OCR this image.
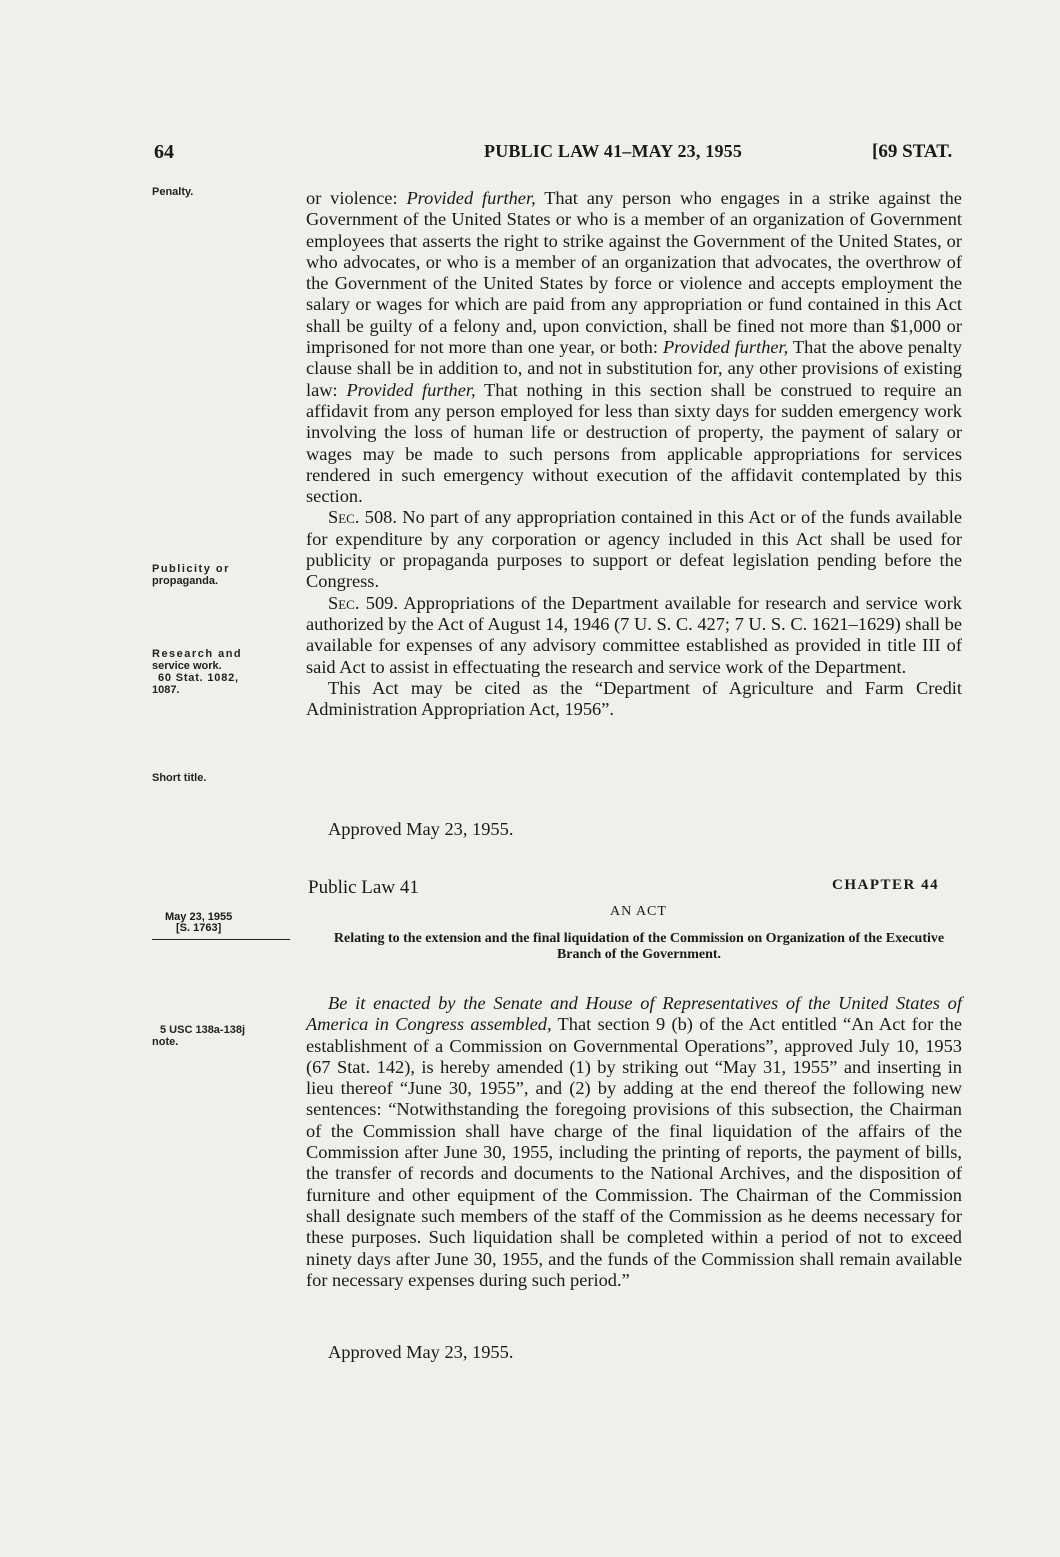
64	PUBLIC LAW 41–MAY 23, 1955	[69 STAT.
Penalty.
Publicity or
propaganda.
Research and
service work.
60 Stat. 1082,
1087.
Short title.
5 USC 138a-138j
note.

or violence: Provided further, That any person who engages in a strike against the Government of the United States or who is a member of an organization of Government employees that asserts the right to strike against the Government of the United States, or who advocates, or who is a member of an organization that advocates, the overthrow of the Government of the United States by force or violence and accepts employment the salary or wages for which are paid from any appropriation or fund contained in this Act shall be guilty of a felony and, upon conviction, shall be fined not more than $1,000 or imprisoned for not more than one year, or both: Provided further, That the above penalty clause shall be in addition to, and not in substitution for, any other provisions of existing law: Provided further, That nothing in this section shall be construed to require an affidavit from any person employed for less than sixty days for sudden emergency work involving the loss of human life or destruction of property, the payment of salary or wages may be made to such persons from applicable appropriations for services rendered in such emergency without execution of the affidavit contemplated by this section.

Sec. 508. No part of any appropriation contained in this Act or of the funds available for expenditure by any corporation or agency included in this Act shall be used for publicity or propaganda purposes to support or defeat legislation pending before the Congress.

Sec. 509. Appropriations of the Department available for research and service work authorized by the Act of August 14, 1946 (7 U. S. C. 427; 7 U. S. C. 1621–1629) shall be available for expenses of any advisory committee established as provided in title III of said Act to assist in effectuating the research and service work of the Department.

This Act may be cited as the “Department of Agriculture and Farm Credit Administration Appropriation Act, 1956”.

Approved May 23, 1955.
Public Law 41	CHAPTER 44
AN ACT
May 23, 1955
[S. 1763]
Relating to the extension and the final liquidation of the Commission on Organization of the Executive Branch of the Government.

Be it enacted by the Senate and House of Representatives of the United States of America in Congress assembled, That section 9 (b) of the Act entitled “An Act for the establishment of a Commission on Governmental Operations”, approved July 10, 1953 (67 Stat. 142), is hereby amended (1) by striking out “May 31, 1955” and inserting in lieu thereof “June 30, 1955”, and (2) by adding at the end thereof the following new sentences: “Notwithstanding the foregoing provisions of this subsection, the Chairman of the Commission shall have charge of the final liquidation of the affairs of the Commission after June 30, 1955, including the printing of reports, the payment of bills, the transfer of records and documents to the National Archives, and the disposition of furniture and other equipment of the Commission. The Chairman of the Commission shall designate such members of the staff of the Commission as he deems necessary for these purposes. Such liquidation shall be completed within a period of not to exceed ninety days after June 30, 1955, and the funds of the Commission shall remain available for necessary expenses during such period.”

Approved May 23, 1955.
